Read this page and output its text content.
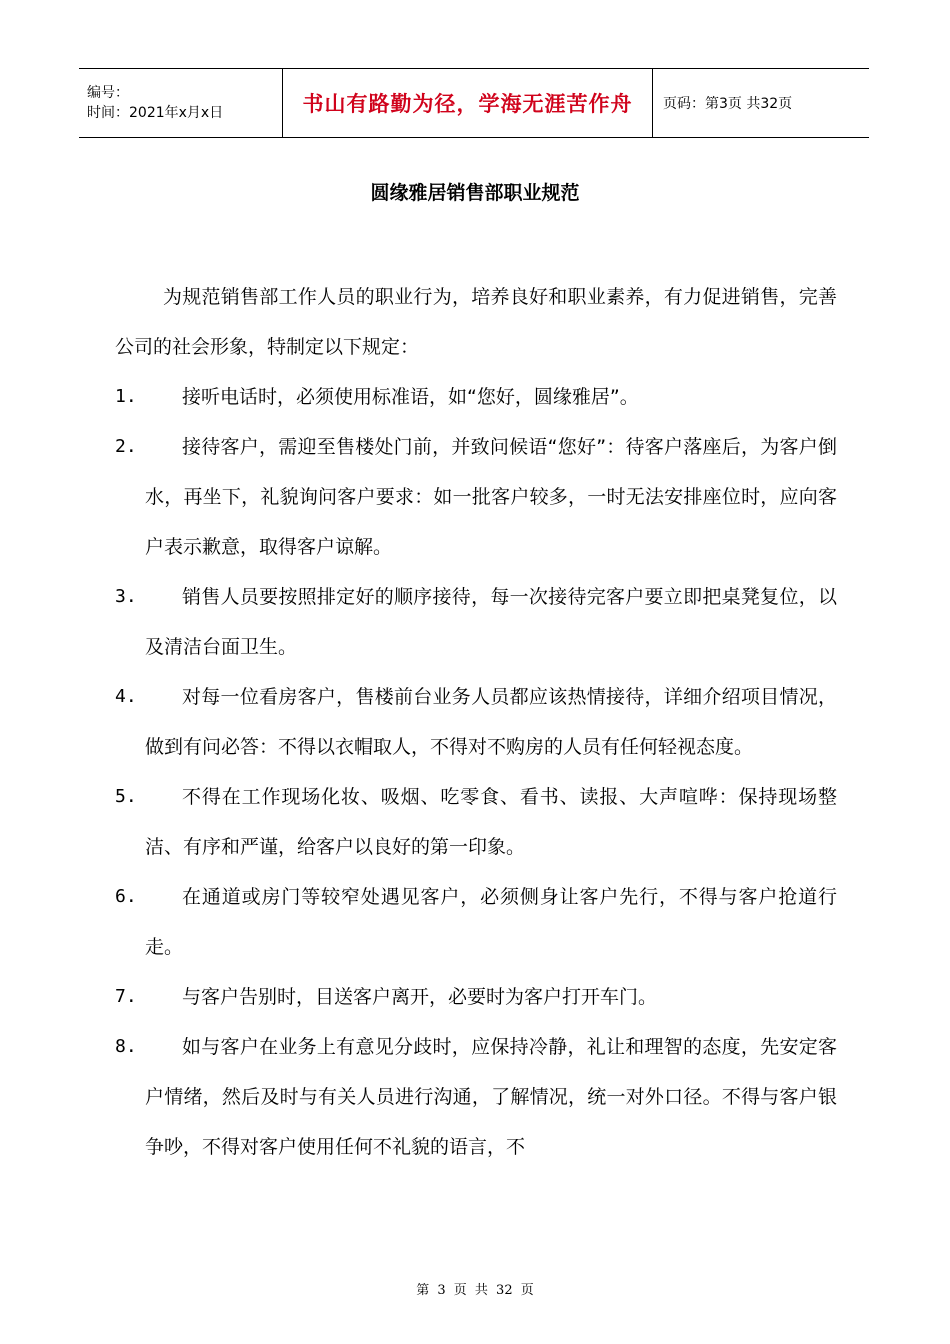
编号：
时间：2021年x月x日	书山有路勤为径，学海无涯苦作舟 页码：第3页 共32页
圆缘雅居销售部职业规范
为规范销售部工作人员的职业行为，培养良好和职业素养，有力促进销售，完善公司的社会形象，特制定以下规定：
1.	接听电话时，必须使用标准语，如“您好，圆缘雅居”。
2.	接待客户，需迎至售楼处门前，并致问候语“您好”：待客户落座后，为客户倒水，再坐下，礼貌询问客户要求：如一批客户较多，一时无法安排座位时，应向客户表示歉意，取得客户谅解。
3.	销售人员要按照排定好的顺序接待，每一次接待完客户要立即把桌凳复位，以及清洁台面卫生。
4.	对每一位看房客户，售楼前台业务人员都应该热情接待，详细介绍项目情况，做到有问必答：不得以衣帽取人，不得对不购房的人员有任何轻视态度。
5.	不得在工作现场化妆、吸烟、吃零食、看书、读报、大声喧哗：保持现场整洁、有序和严谨，给客户以良好的第一印象。
6.	在通道或房门等较窄处遇见客户，必须侧身让客户先行，不得与客户抢道行走。
7.	与客户告别时，目送客户离开，必要时为客户打开车门。
8.	如与客户在业务上有意见分歧时，应保持冷静，礼让和理智的态度，先安定客户情绪，然后及时与有关人员进行沟通，了解情况，统一对外口径。不得与客户银争吵，不得对客户使用任何不礼貌的语言，不
第 3 页 共 32 页
